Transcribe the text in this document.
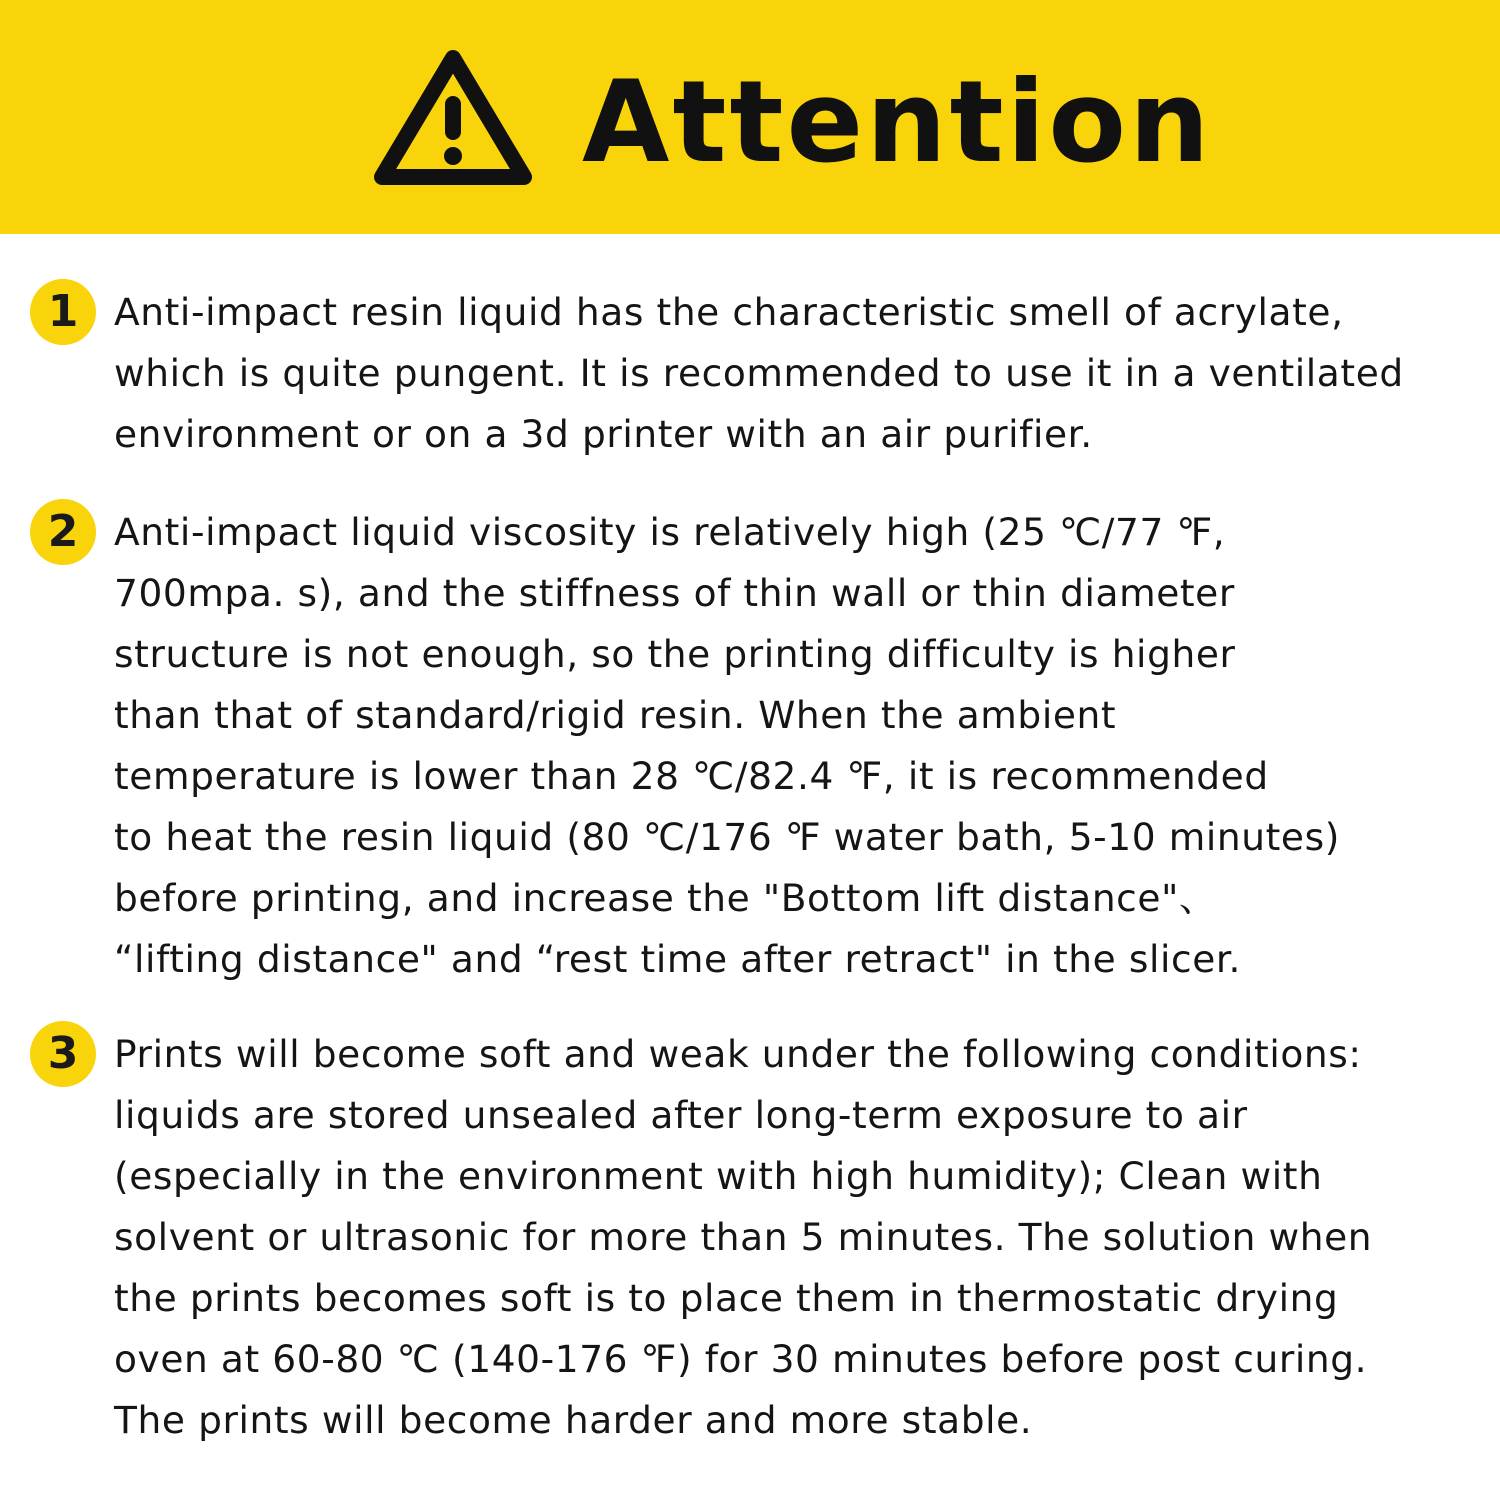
Attention
1 Anti-impact resin liquid has the characteristic smell of acrylate,
which is quite pungent. It is recommended to use it in a ventilated
environment or on a 3d printer with an air purifier.
2 Anti-impact liquid viscosity is relatively high (25 ℃/77 ℉,
700mpa. s), and the stiffness of thin wall or thin diameter
structure is not enough, so the printing difficulty is higher
than that of standard/rigid resin. When the ambient
temperature is lower than 28 ℃/82.4 ℉, it is recommended
to heat the resin liquid (80 ℃/176 ℉ water bath, 5-10 minutes)
before printing, and increase the "Bottom lift distance"、
“lifting distance" and “rest time after retract" in the slicer.
3 Prints will become soft and weak under the following conditions:
liquids are stored unsealed after long-term exposure to air
(especially in the environment with high humidity); Clean with
solvent or ultrasonic for more than 5 minutes. The solution when
the prints becomes soft is to place them in thermostatic drying
oven at 60-80 ℃ (140-176 ℉) for 30 minutes before post curing.
The prints will become harder and more stable.
